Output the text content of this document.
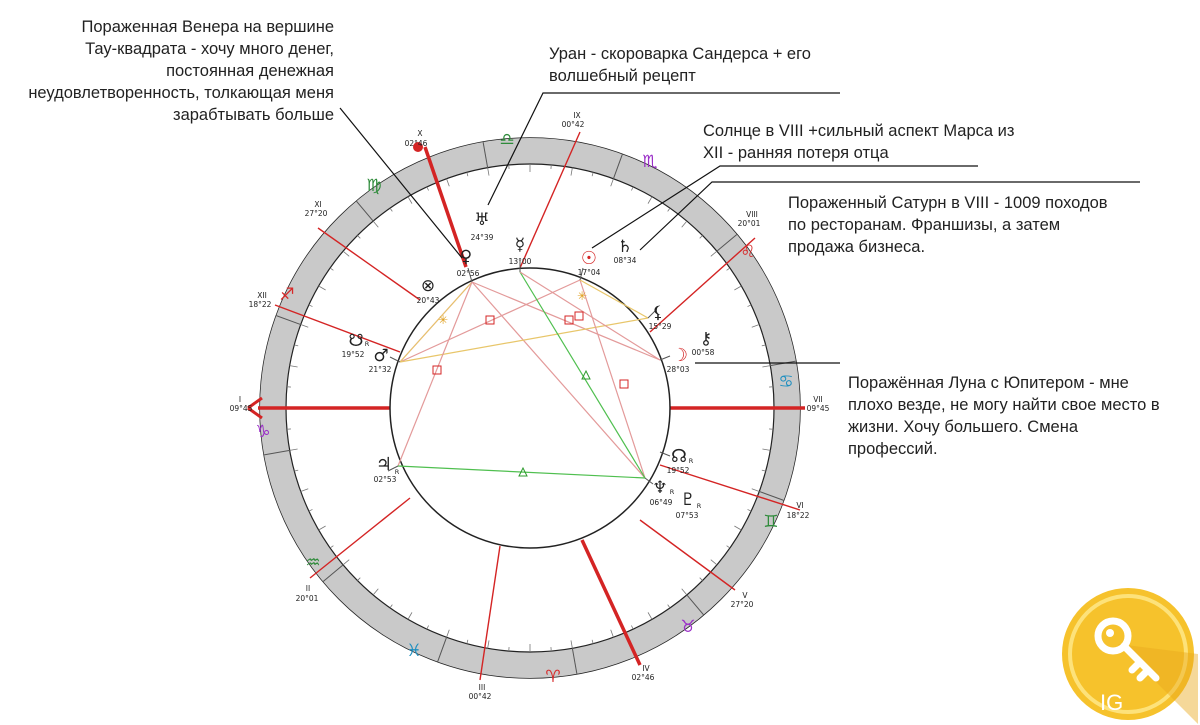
✳
✳
X
02°46
IX
00°42
VIII
20°01
VII
09°45
VI
18°22
V
27°20
IV
02°46
III
00°42
II
20°01
I
09°45
XII
18°22
XI
27°20
♎
♏
♌
♋
♊
♉
♈
♓
♒
♑
♐
♍
♅
24°39
♀
02°56
☿
13°00	☉
17°04
♄
08°34
⊗
20°43
⚸
15°29
⚷
00°58
☽
28°03
☋ R
19°52 ♂
21°32
♃ R
02°53
☊ R
19°52
♆ R
06°49 ♇ R
07°53
Пораженная Венера на вершине
Тау-квадрата - хочу много денег,
постоянная денежная
неудовлетворенность, толкающая меня
зарабтывать больше
Уран - скороварка Сандерса + его
волшебный рецепт
Солнце в VIII +сильный аспект Марса из
XII - ранняя потеря отца
Пораженный Сатурн в VIII - 1009 походов
по ресторанам. Франшизы, а затем
продажа бизнеса.
Поражённая Луна с Юпитером - мне
плохо везде, не могу найти свое место в
жизни. Хочу большего. Смена
профессий.
IG
